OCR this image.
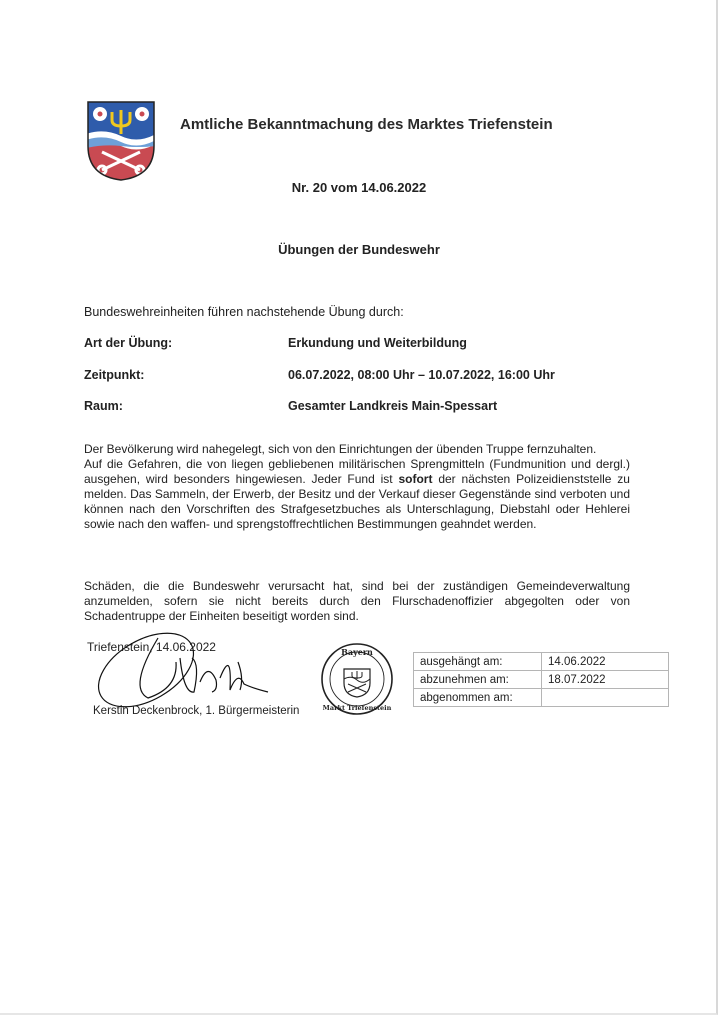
Amtliche Bekanntmachung des Marktes Triefenstein
Nr. 20 vom 14.06.2022
Übungen der Bundeswehr
Bundeswehreinheiten führen nachstehende Übung durch:
Art der Übung:	Erkundung und Weiterbildung
Zeitpunkt:	06.07.2022, 08:00 Uhr – 10.07.2022, 16:00 Uhr
Raum:	Gesamter Landkreis Main-Spessart

Der Bevölkerung wird nahegelegt, sich von den Einrichtungen der übenden Truppe fernzuhalten.

Auf die Gefahren, die von liegen gebliebenen militärischen Sprengmitteln (Fundmunition und dergl.) ausgehen, wird besonders hingewiesen. Jeder Fund ist sofort der nächsten Polizeidienststelle zu melden. Das Sammeln, der Erwerb, der Besitz und der Verkauf dieser Gegenstände sind verboten und können nach den Vorschriften des Strafgesetzbuches als Unterschlagung, Diebstahl oder Hehlerei sowie nach den waffen- und sprengstoffrechtlichen Bestimmungen geahndet werden.

Schäden, die die Bundeswehr verursacht hat, sind bei der zuständigen Gemeindeverwaltung anzumelden, sofern sie nicht bereits durch den Flurschadenoffizier abgegolten oder von Schadentruppe der Einheiten beseitigt worden sind.

Triefenstein, 14.06.2022
Kerstin Deckenbrock, 1. Bürgermeisterin
Bayern
Markt Triefenstein
ausgehängt am:	14.06.2022
abzunehmen am:	18.07.2022
abgenommen am:	
